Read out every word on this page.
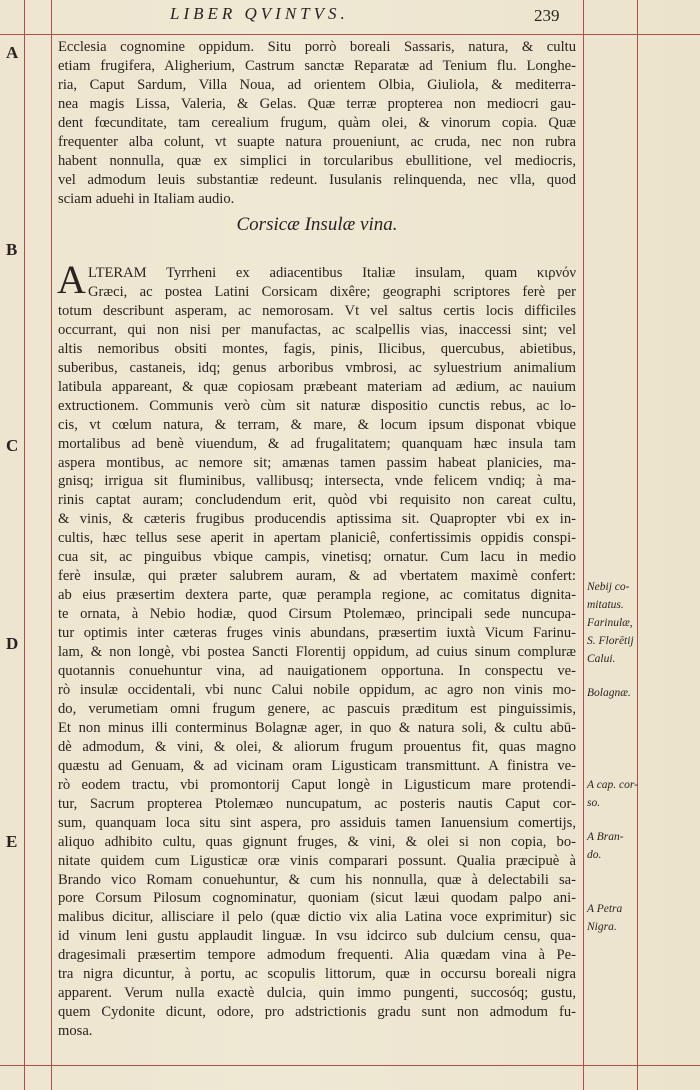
LIBER QVINTVS.	239
A
B
C
D
E
Ecclesia cognomine oppidum. Situ porrò boreali Sassaris, natura, & cultu
etiam frugifera, Aligherium, Castrum sanctæ Reparatæ ad Tenium flu. Longhe-
ria, Caput Sardum, Villa Noua, ad orientem Olbia, Giuliola, & mediterra-
nea magis Lissa, Valeria, & Gelas. Quæ terræ propterea non mediocri gau-
dent fœcunditate, tam cerealium frugum, quàm olei, & vinorum copia. Quæ
frequenter alba colunt, vt suapte natura proueniunt, ac cruda, nec non rubra
habent nonnulla, quæ ex simplici in torcularibus ebullitione, vel mediocris,
vel admodum leuis substantiæ redeunt. Iusulanis relinquenda, nec vlla, quod
sciam aduehi in Italiam audio.
Corsicæ Insulæ vina.
A LTERAM Tyrrheni ex adiacentibus Italiæ insulam, quam κιρνόν
Græci, ac postea Latini Corsicam dixêre; geographi scriptores ferè per
totum describunt asperam, ac nemorosam. Vt vel saltus certis locis difficiles
occurrant, qui non nisi per manufactas, ac scalpellis vias, inaccessi sint; vel
altis nemoribus obsiti montes, fagis, pinis, Ilicibus, quercubus, abietibus,
suberibus, castaneis, idq; genus arboribus vmbrosi, ac syluestrium animalium
latibula appareant, & quæ copiosam præbeant materiam ad ædium, ac nauium
extructionem. Communis verò cùm sit naturæ dispositio cunctis rebus, ac lo-
cis, vt cœlum natura, & terram, & mare, & locum ipsum disponat vbique
mortalibus ad benè viuendum, & ad frugalitatem; quanquam hæc insula tam
aspera montibus, ac nemore sit; amænas tamen passim habeat planicies, ma-
gnisq; irrigua sit fluminibus, vallibusq; intersecta, vnde felicem vndiq; à ma-
rinis captat auram; concludendum erit, quòd vbi requisito non careat cultu,
& vinis, & cæteris frugibus producendis aptissima sit. Quapropter vbi ex in-
cultis, hæc tellus sese aperit in apertam planiciê, confertissimis oppidis conspi-
cua sit, ac pinguibus vbique campis, vinetisq; ornatur. Cum lacu in medio
ferè insulæ, qui præter salubrem auram, & ad vbertatem maximè confert:
ab eius præsertim dextera parte, quæ perampla regione, ac comitatus dignita-
te ornata, à Nebio hodiæ, quod Cirsum Ptolemæo, principali sede nuncupa-
tur optimis inter cæteras fruges vinis abundans, præsertim iuxtà Vicum Farinu-
lam, & non longè, vbi postea Sancti Florentij oppidum, ad cuius sinum compluræ
quotannis conuehuntur vina, ad nauigationem opportuna. In conspectu ve-
rò insulæ occidentali, vbi nunc Calui nobile oppidum, ac agro non vinis mo-
do, verumetiam omni frugum genere, ac pascuis præditum est pinguissimis,
Et non minus illi conterminus Bolagnæ ager, in quo & natura soli, & cultu abū-
dè admodum, & vini, & olei, & aliorum frugum prouentus fit, quas magno
quæstu ad Genuam, & ad vicinam oram Ligusticam transmittunt. A finistra ve-
rò eodem tractu, vbi promontorij Caput longè in Ligusticum mare protendi-
tur, Sacrum propterea Ptolemæo nuncupatum, ac posteris nautis Caput cor-
sum, quanquam loca situ sint aspera, pro assiduis tamen Ianuensium comertijs,
aliquo adhibito cultu, quas gignunt fruges, & vini, & olei si non copia, bo-
nitate quidem cum Ligusticæ oræ vinis comparari possunt. Qualia præcipuè à
Brando vico Romam conuehuntur, & cum his nonnulla, quæ à delectabili sa-
pore Corsum Pilosum cognominatur, quoniam (sicut læui quodam palpo ani-
malibus dicitur, allisciare il pelo (quæ dictio vix alia Latina voce exprimitur) sic
id vinum leni gustu applaudit linguæ. In vsu idcirco sub dulcium censu, qua-
dragesimali præsertim tempore admodum frequenti. Alia quædam vina à Pe-
tra nigra dicuntur, à portu, ac scopulis littorum, quæ in occursu boreali nigra
apparent. Verum nulla exactè dulcia, quin immo pungenti, succosóq; gustu,
quem Cydonite dicunt, odore, pro adstrictionis gradu sunt non admodum fu-
mosa.
Nebij co-
mitatus.
Farinulæ,
S. Florētij
Calui.
Bolagnæ.
A cap. cor-
so.
A Bran-
do.
A Petra
Nigra.
